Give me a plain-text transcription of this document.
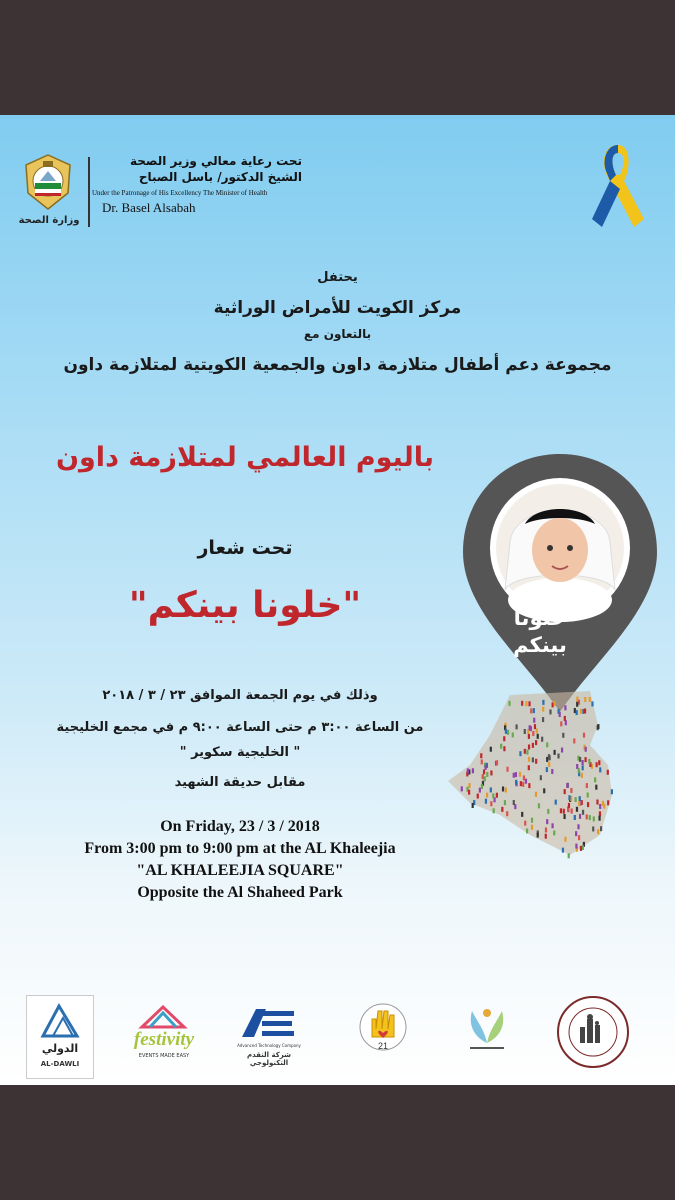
وزارة الصحة
تحت رعاية معالي وزير الصحة
الشيخ الدكتور/ باسل الصباح
Under the Patronage of His Excellency The Minister of Health
Dr. Basel Alsabah
يحتفل
مركز الكويت للأمراض الوراثية
بالتعاون مع
مجموعة دعم أطفال متلازمة داون والجمعية الكويتية لمتلازمة داون
باليوم العالمي لمتلازمة داون
تحت شعار
"خلونا بينكم"	خلونا
بينكم
وذلك في يوم الجمعة الموافق ٢٣ / ٣ / ٢٠١٨
من الساعة ٣:٠٠ م حتى الساعة ٩:٠٠ م في مجمع الخليجية
" الخليجية سكوير "
مقابل حديقة الشهيد
On Friday, 23 / 3 / 2018
From 3:00 pm to 9:00 pm at the AL Khaleejia
"AL KHALEEJIA SQUARE"
Opposite the Al Shaheed Park
الدولي
AL-DAWLI
festivity
EVENTS MADE EASY
Advanced Technology Company
شركة التقدم التكنولوجي
21
